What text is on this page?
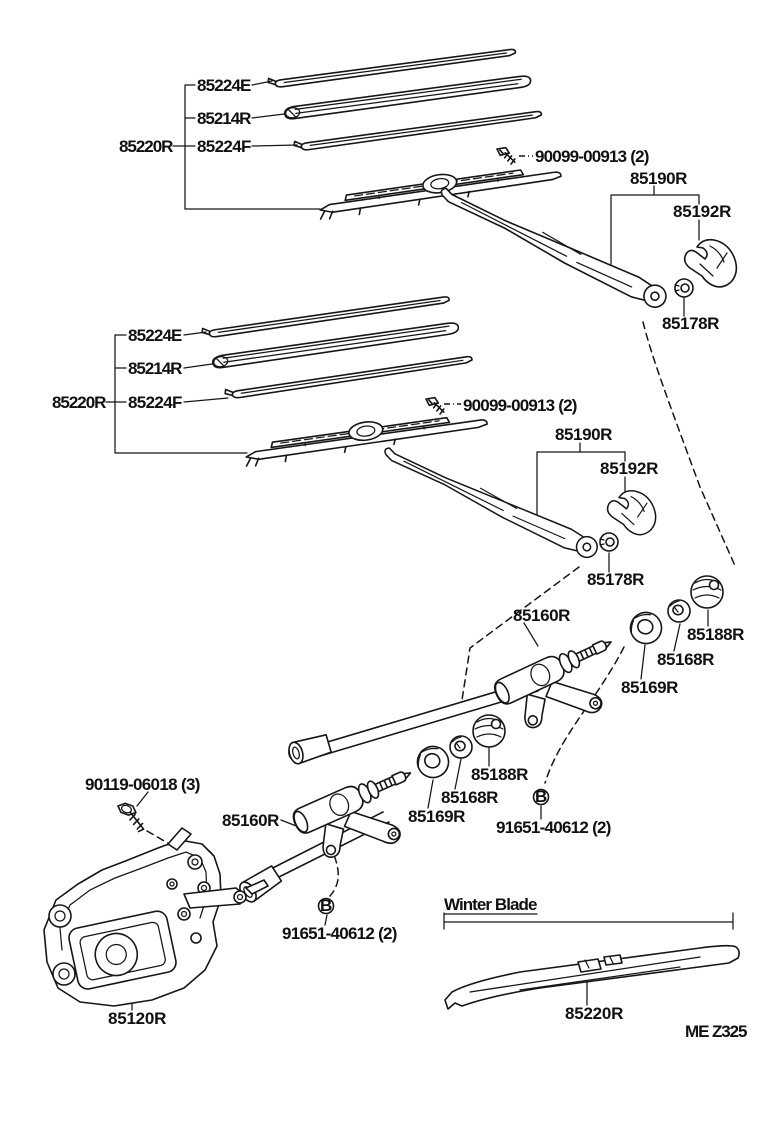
B
B
85224E
85214R
85220R 85224F
90099-00913 (2)
85190R
85192R
85178R
85224E
85214R
85220R 85224F	90099-00913 (2)
85190R
85192R
85178R
85160R
85188R
85168R
85169R
85188R
85168R
85169R
91651-40612 (2)
90119-06018 (3)
85160R
91651-40612 (2)
85120R
Winter Blade
85220R
ME Z325
